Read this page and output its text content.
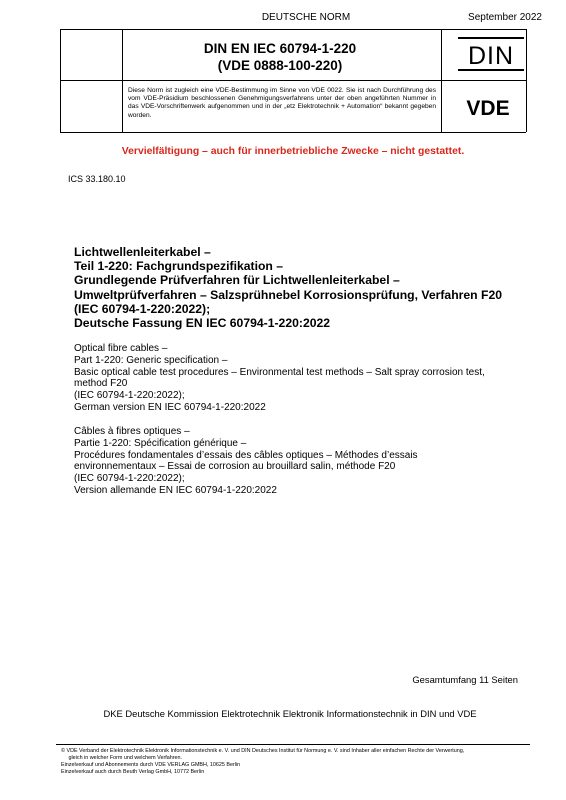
DEUTSCHE NORM	September 2022
DIN EN IEC 60794-1-220
(VDE 0888-100-220)	DIN
Diese Norm ist zugleich eine VDE-Bestimmung im Sinne von VDE 0022. Sie ist nach Durchführung des vom VDE-Präsidium beschlossenen Genehmigungsverfahrens unter der oben angeführten Nummer in das VDE-Vorschriftenwerk aufgenommen und in der „etz Elektrotechnik + Automation“ bekannt gegeben worden.	VDE
Vervielfältigung – auch für innerbetriebliche Zwecke – nicht gestattet.
ICS 33.180.10
Lichtwellenleiterkabel –
Teil 1-220: Fachgrundspezifikation –
Grundlegende Prüfverfahren für Lichtwellenleiterkabel –
Umweltprüfverfahren – Salzsprühnebel Korrosionsprüfung, Verfahren F20
(IEC 60794-1-220:2022);
Deutsche Fassung EN IEC 60794-1-220:2022
Optical fibre cables –
Part 1-220: Generic specification –
Basic optical cable test procedures – Environmental test methods – Salt spray corrosion test,
method F20
(IEC 60794-1-220:2022);
German version EN IEC 60794-1-220:2022
Câbles à fibres optiques –
Partie 1-220: Spécification générique –
Procédures fondamentales d’essais des câbles optiques – Méthodes d’essais
environnementaux – Essai de corrosion au brouillard salin, méthode F20
(IEC 60794-1-220:2022);
Version allemande EN IEC 60794-1-220:2022
Gesamtumfang 11 Seiten
DKE Deutsche Kommission Elektrotechnik Elektronik Informationstechnik in DIN und VDE
© VDE Verband der Elektrotechnik Elektronik Informationstechnik e. V. und DIN Deutsches Institut für Normung e. V. sind Inhaber aller einfachen Rechte der Verwertung,
gleich in welcher Form und welchem Verfahren.
Einzelverkauf und Abonnements durch VDE VERLAG GMBH, 10625 Berlin
Einzelverkauf auch durch Beuth Verlag GmbH, 10772 Berlin
